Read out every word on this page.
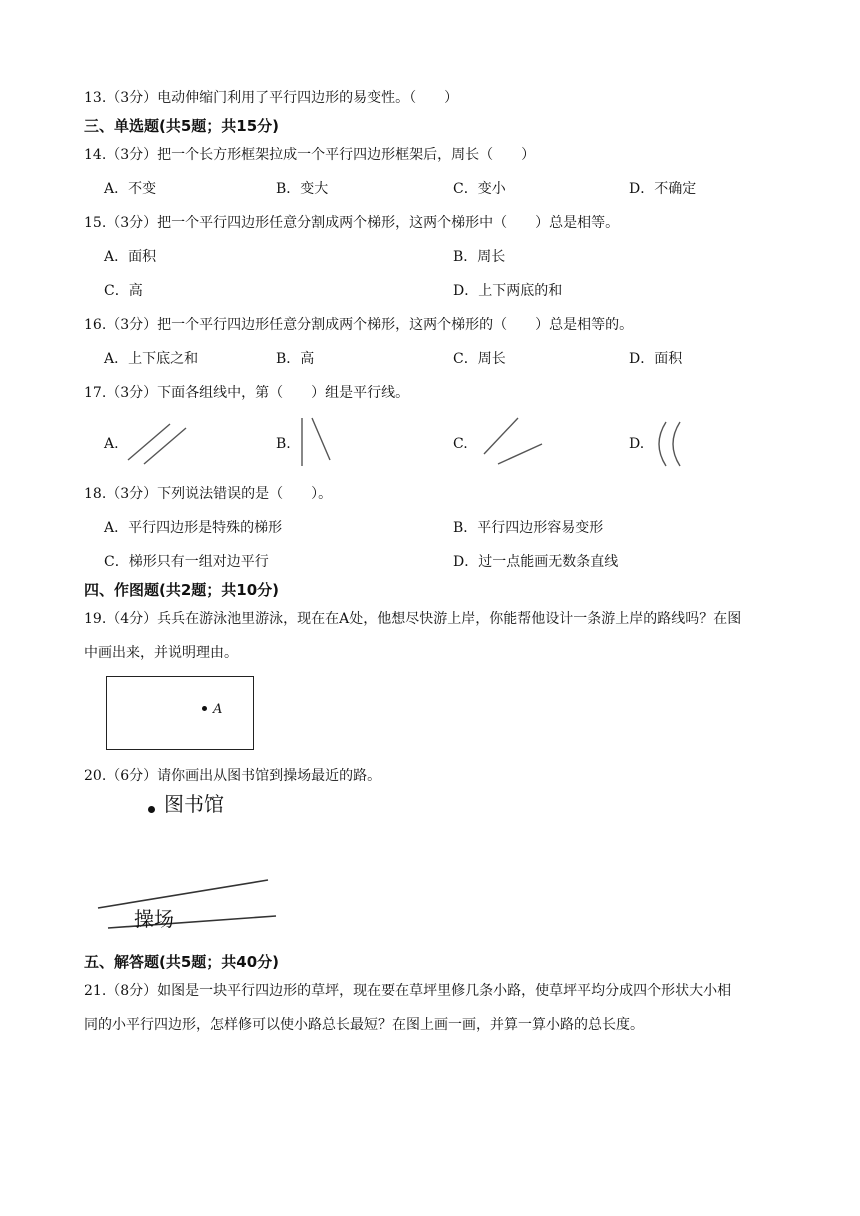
13.（3分）电动伸缩门利用了平行四边形的易变性。（　　）
三、单选题(共5题；共15分)
14.（3分）把一个长方形框架拉成一个平行四边形框架后，周长（　　）
A．不变	B．变大	C．变小	D．不确定
15.（3分）把一个平行四边形任意分割成两个梯形，这两个梯形中（　　）总是相等。
A．面积	B．周长
C．高	D．上下两底的和
16.（3分）把一个平行四边形任意分割成两个梯形，这两个梯形的（　　）总是相等的。
A．上下底之和	B．高	C．周长	D．面积
17.（3分）下面各组线中，第（　　）组是平行线。
A.	B.	C.	D.
18.（3分）下列说法错误的是（　　）。
A．平行四边形是特殊的梯形	B．平行四边形容易变形
C．梯形只有一组对边平行	D．过一点能画无数条直线
四、作图题(共2题；共10分)
19.（4分）兵兵在游泳池里游泳，现在在A处，他想尽快游上岸，你能帮他设计一条游上岸的路线吗？在图
中画出来，并说明理由。
A
20.（6分）请你画出从图书馆到操场最近的路。
图书馆
操场
五、解答题(共5题；共40分)
21.（8分）如图是一块平行四边形的草坪，现在要在草坪里修几条小路，使草坪平均分成四个形状大小相
同的小平行四边形，怎样修可以使小路总长最短？在图上画一画，并算一算小路的总长度。
